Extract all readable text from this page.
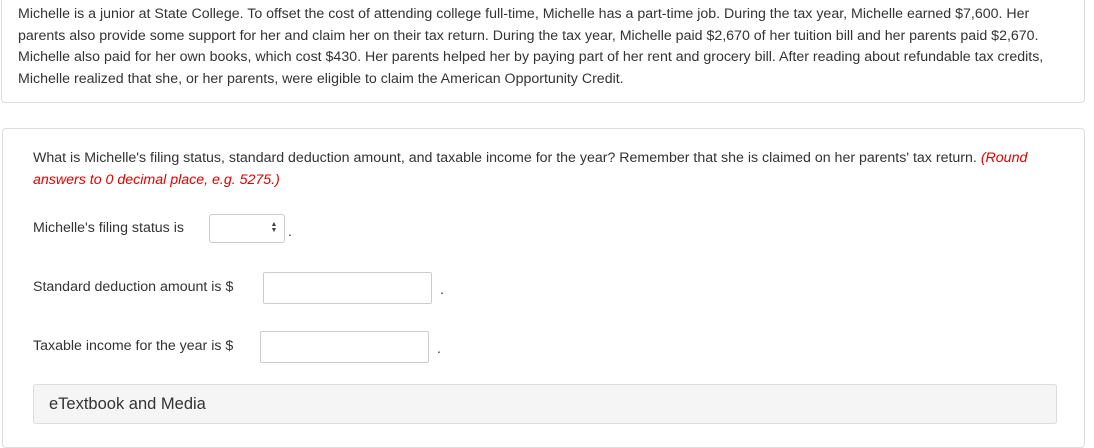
Michelle is a junior at State College. To offset the cost of attending college full-time, Michelle has a part-time job. During the tax year, Michelle earned $7,600. Her parents also provide some support for her and claim her on their tax return. During the tax year, Michelle paid $2,670 of her tuition bill and her parents paid $2,670. Michelle also paid for her own books, which cost $430. Her parents helped her by paying part of her rent and grocery bill. After reading about refundable tax credits, Michelle realized that she, or her parents, were eligible to claim the American Opportunity Credit.

What is Michelle's filing status, standard deduction amount, and taxable income for the year? Remember that she is claimed on her parents' tax return. (Round answers to 0 decimal place, e.g. 5275.)

Michelle's filing status is	▲
▼ .
Standard deduction amount is $	.
Taxable income for the year is $	.
eTextbook and Media
